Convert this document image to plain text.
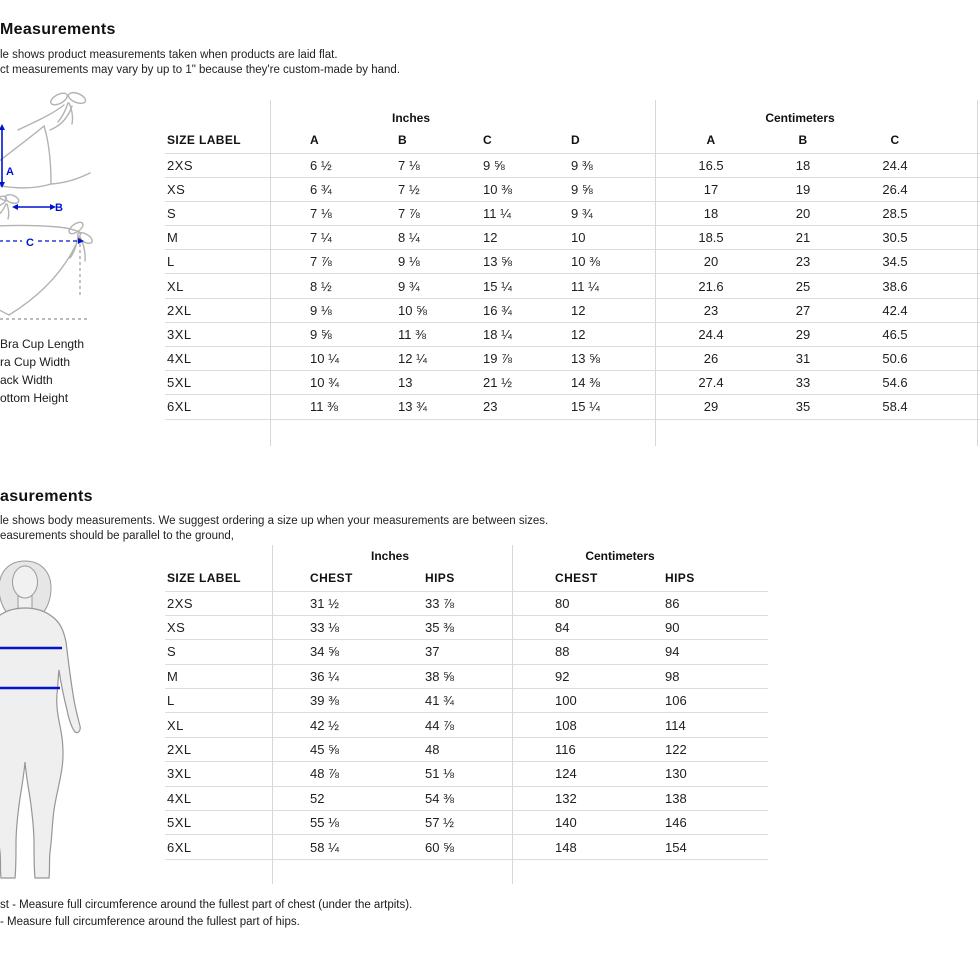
Measurements
le shows product measurements taken when products are laid flat.
ct measurements may vary by up to 1" because they're custom-made by hand.
A
B
C
Bra Cup Length
ra Cup Width
ack Width
ottom Height
Inches	Centimeters
SIZE LABEL	A	B	C	D		A	B	C	
2XS	6 ½	7 ⅛	9 ⅝	9 ⅜		16.5	18	24.4	
XS	6 ¾	7 ½	10 ⅜	9 ⅝		17	19	26.4	
S	7 ⅛	7 ⅞	11 ¼	9 ¾		18	20	28.5	
M	7 ¼	8 ¼	12	10		18.5	21	30.5	
L	7 ⅞	9 ⅛	13 ⅝	10 ⅜		20	23	34.5	
XL	8 ½	9 ¾	15 ¼	11 ¼		21.6	25	38.6	
2XL	9 ⅛	10 ⅝	16 ¾	12		23	27	42.4	
3XL	9 ⅝	11 ⅜	18 ¼	12		24.4	29	46.5	
4XL	10 ¼	12 ¼	19 ⅞	13 ⅝		26	31	50.6	
5XL	10 ¾	13	21 ½	14 ⅜		27.4	33	54.6	
6XL	11 ⅜	13 ¾	23	15 ¼		29	35	58.4	
asurements
le shows body measurements. We suggest ordering a size up when your measurements are between sizes.
easurements should be parallel to the ground,
Inches	Centimeters
SIZE LABEL	CHEST	HIPS	CHEST	HIPS
2XS	31 ½	33 ⅞	80	86
XS	33 ⅛	35 ⅜	84	90
S	34 ⅝	37	88	94
M	36 ¼	38 ⅝	92	98
L	39 ⅜	41 ¾	100	106
XL	42 ½	44 ⅞	108	114
2XL	45 ⅝	48	116	122
3XL	48 ⅞	51 ⅛	124	130
4XL	52	54 ⅜	132	138
5XL	55 ⅛	57 ½	140	146
6XL	58 ¼	60 ⅝	148	154
st - Measure full circumference around the fullest part of chest (under the artpits).
- Measure full circumference around the fullest part of hips.
